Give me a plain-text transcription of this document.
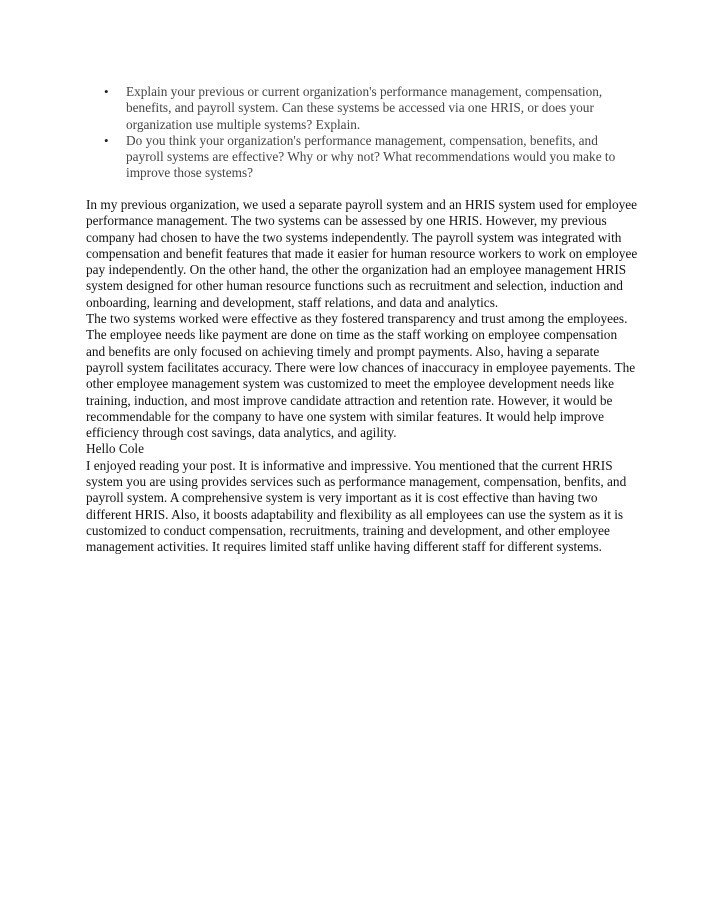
• Explain your previous or current organization's performance management, compensation, benefits, and payroll system. Can these systems be accessed via one HRIS, or does your organization use multiple systems? Explain.
• Do you think your organization's performance management, compensation, benefits, and payroll systems are effective? Why or why not? What recommendations would you make to improve those systems?

In my previous organization, we used a separate payroll system and an HRIS system used for employee performance management. The two systems can be assessed by one HRIS. However, my previous company had chosen to have the two systems independently. The payroll system was integrated with compensation and benefit features that made it easier for human resource workers to work on employee pay independently. On the other hand, the other the organization had an employee management HRIS system designed for other human resource functions such as recruitment and selection, induction and onboarding, learning and development, staff relations, and data and analytics.

The two systems worked were effective as they fostered transparency and trust among the employees. The employee needs like payment are done on time as the staff working on employee compensation and benefits are only focused on achieving timely and prompt payments. Also, having a separate payroll system facilitates accuracy. There were low chances of inaccuracy in employee payements. The other employee management system was customized to meet the employee development needs like training, induction, and most improve candidate attraction and retention rate. However, it would be recommendable for the company to have one system with similar features. It would help improve efficiency through cost savings, data analytics, and agility.

Hello Cole

I enjoyed reading your post. It is informative and impressive. You mentioned that the current HRIS system you are using provides services such as performance management, compensation, benfits, and payroll system. A comprehensive system is very important as it is cost effective than having two different HRIS. Also, it boosts adaptability and flexibility as all employees can use the system as it is customized to conduct compensation, recruitments, training and development, and other employee management activities. It requires limited staff unlike having different staff for different systems.
